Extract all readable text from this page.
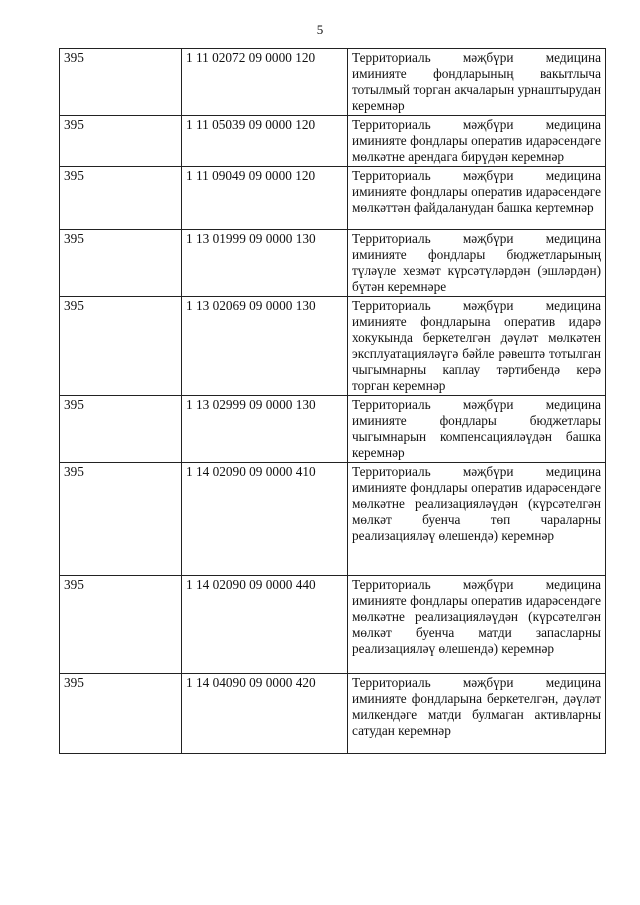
5
395	1 11 02072 09 0000 120	Территориаль мәҗбүри медицина иминияте фондларының вакытлыча тотылмый торган акчаларын урнаштырудан керемнәр
395	1 11 05039 09 0000 120	Территориаль мәҗбүри медицина иминияте фондлары оператив идарәсендәге мөлкәтне арендага бирүдән керемнәр
395	1 11 09049 09 0000 120	Территориаль мәҗбүри медицина иминияте фондлары оператив идарәсендәге мөлкәттән файдаланудан башка кертемнәр
395	1 13 01999 09 0000 130	Территориаль мәҗбүри медицина иминияте фондлары бюджетларының түләүле хезмәт күрсәтүләрдән (эшләрдән) бүтән керемнәре
395	1 13 02069 09 0000 130	Территориаль мәҗбүри медицина иминияте фондларына оператив идарә хокукында беркетелгән дәүләт мөлкәтен эксплуатацияләүгә бәйле рәвештә тотылган чыгымнарны каплау тәртибендә керә торган керемнәр
395	1 13 02999 09 0000 130	Территориаль мәҗбүри медицина иминияте фондлары бюджетлары чыгымнарын компенсацияләүдән башка керемнәр
395	1 14 02090 09 0000 410	Территориаль мәҗбүри медицина иминияте фондлары оператив идарәсендәге мөлкәтне реализацияләүдән (күрсәтелгән мөлкәт буенча төп чараларны реализацияләү өлешендә) керемнәр
395	1 14 02090 09 0000 440	Территориаль мәҗбүри медицина иминияте фондлары оператив идарәсендәге мөлкәтне реализацияләүдән (күрсәтелгән мөлкәт буенча матди запасларны реализацияләү өлешендә) керемнәр
395	1 14 04090 09 0000 420	Территориаль мәҗбүри медицина иминияте фондларына беркетелгән, дәүләт милкендәге матди булмаган активларны сатудан керемнәр
